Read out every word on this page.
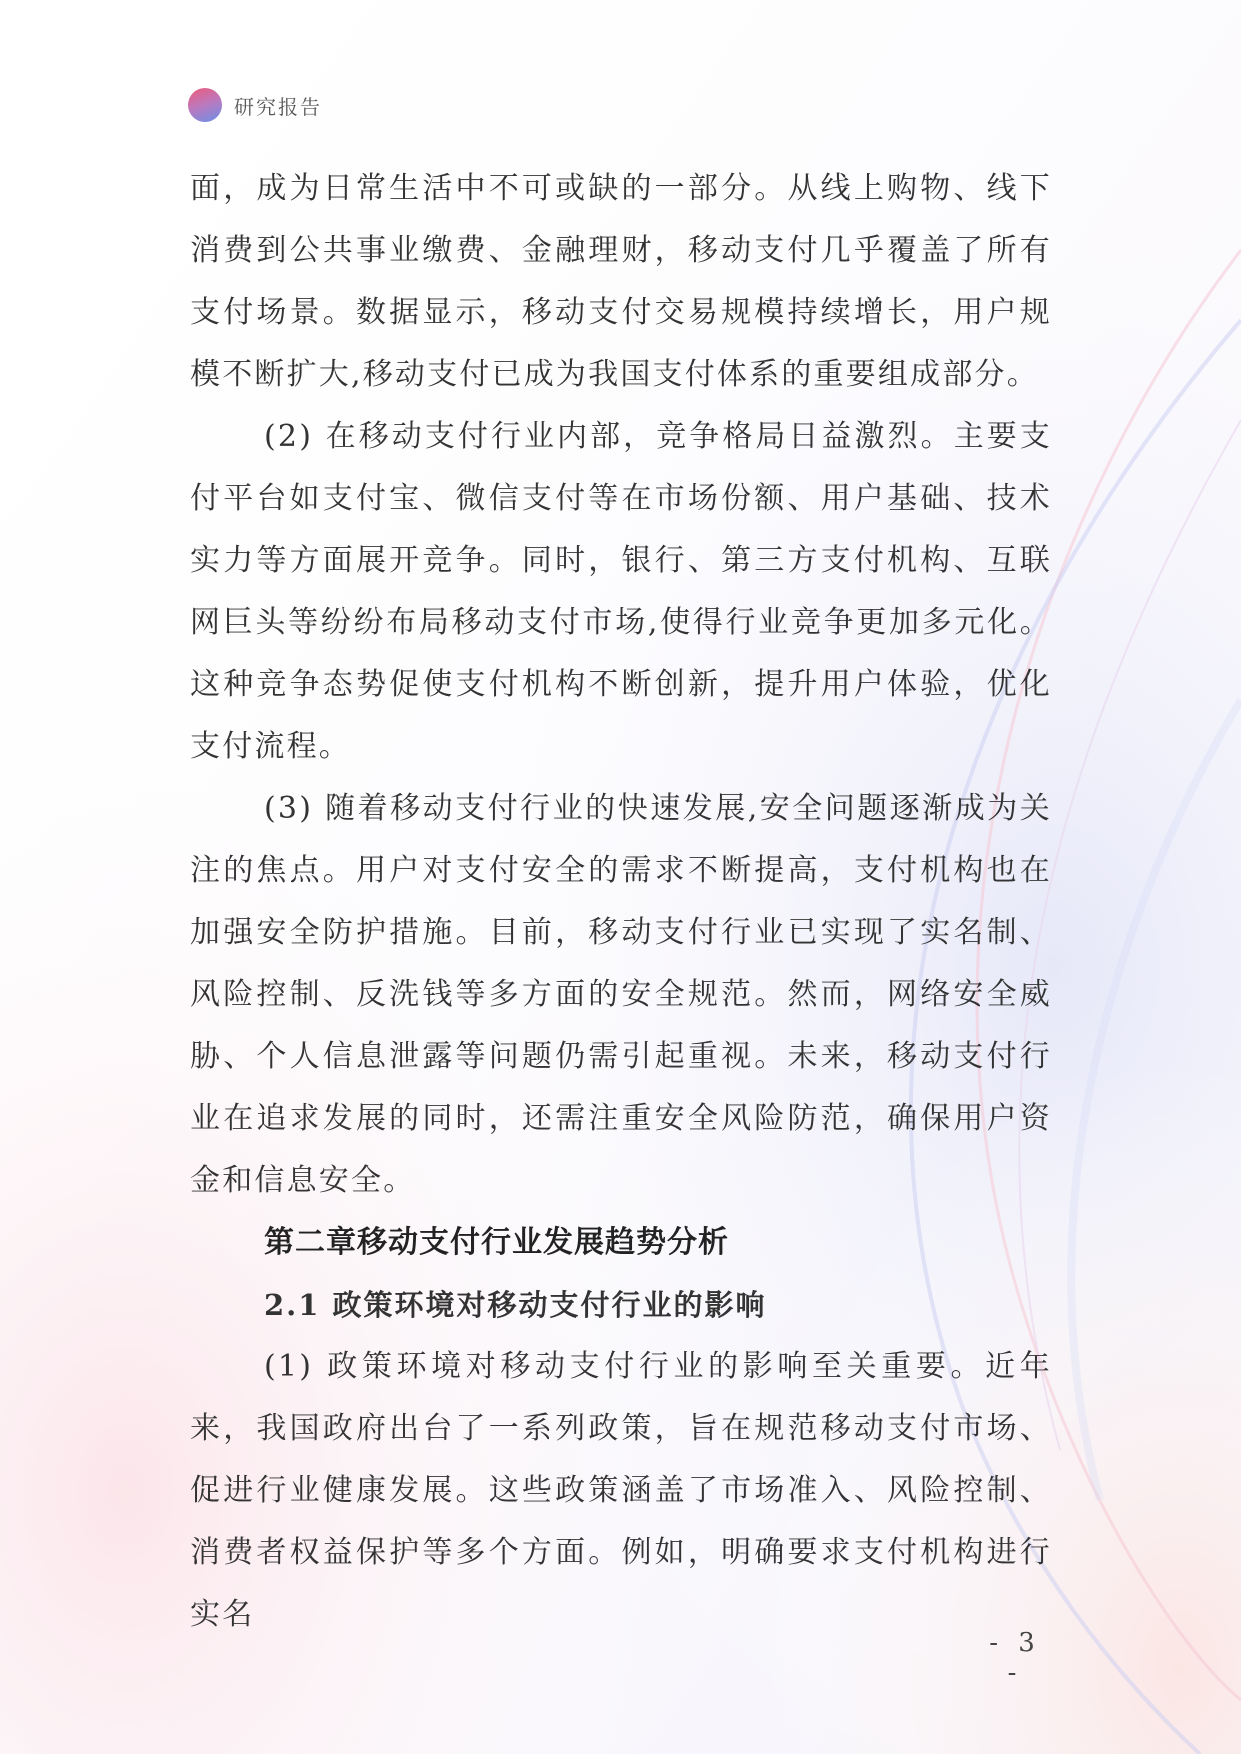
研究报告

面，成为日常生活中不可或缺的一部分。从线上购物、线下消费到公共事业缴费、金融理财，移动支付几乎覆盖了所有支付场景。数据显示，移动支付交易规模持续增长，用户规模不断扩大,移动支付已成为我国支付体系的重要组成部分。

(2) 在移动支付行业内部，竞争格局日益激烈。主要支付平台如支付宝、微信支付等在市场份额、用户基础、技术实力等方面展开竞争。同时，银行、第三方支付机构、互联网巨头等纷纷布局移动支付市场,使得行业竞争更加多元化。这种竞争态势促使支付机构不断创新，提升用户体验，优化支付流程。

(3) 随着移动支付行业的快速发展,安全问题逐渐成为关注的焦点。用户对支付安全的需求不断提高，支付机构也在加强安全防护措施。目前，移动支付行业已实现了实名制、风险控制、反洗钱等多方面的安全规范。然而，网络安全威胁、个人信息泄露等问题仍需引起重视。未来，移动支付行业在追求发展的同时，还需注重安全风险防范，确保用户资金和信息安全。

第二章移动支付行业发展趋势分析
2.1 政策环境对移动支付行业的影响

(1) 政策环境对移动支付行业的影响至关重要。近年来，我国政府出台了一系列政策，旨在规范移动支付市场、促进行业健康发展。这些政策涵盖了市场准入、风险控制、消费者权益保护等多个方面。例如，明确要求支付机构进行实名

- 3 -
